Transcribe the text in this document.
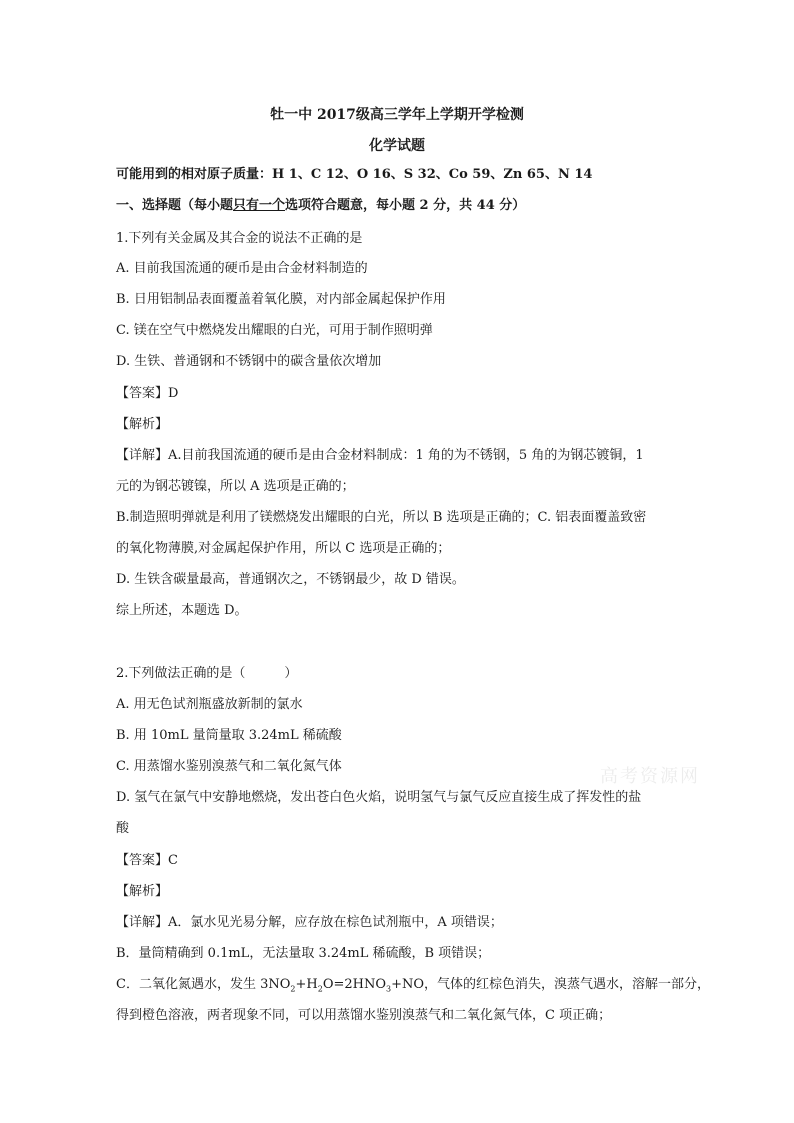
牡一中 2017级高三学年上学期开学检测
化学试题
可能用到的相对原子质量：H 1、C 12、O 16、S 32、Co 59、Zn 65、N 14
一、选择题（每小题只有一个选项符合题意，每小题 2 分，共 44 分）
1.下列有关金属及其合金的说法不正确的是
A. 目前我国流通的硬币是由合金材料制造的
B. 日用铝制品表面覆盖着氧化膜，对内部金属起保护作用
C. 镁在空气中燃烧发出耀眼的白光，可用于制作照明弹
D. 生铁、普通钢和不锈钢中的碳含量依次增加
【答案】D
【解析】
【详解】A.目前我国流通的硬币是由合金材料制成：1 角的为不锈钢，5 角的为钢芯镀铜，1
元的为钢芯镀镍，所以 A 选项是正确的；
B.制造照明弹就是利用了镁燃烧发出耀眼的白光，所以 B 选项是正确的；C. 铝表面覆盖致密
的氧化物薄膜,对金属起保护作用，所以 C 选项是正确的；
D. 生铁含碳量最高，普通钢次之，不锈钢最少，故 D 错误。
综上所述，本题选 D。
2.下列做法正确的是（　　　）
A. 用无色试剂瓶盛放新制的氯水
B. 用 10mL 量筒量取 3.24mL 稀硫酸
C. 用蒸馏水鉴别溴蒸气和二氧化氮气体
D. 氢气在氯气中安静地燃烧，发出苍白色火焰，说明氢气与氯气反应直接生成了挥发性的盐
酸
【答案】C
【解析】
【详解】A．氯水见光易分解，应存放在棕色试剂瓶中，A 项错误；
B．量筒精确到 0.1mL，无法量取 3.24mL 稀硫酸，B 项错误；
C．二氧化氮遇水，发生 $3NO_2+H_2O=2HNO_3+NO$，气体的红棕色消失，溴蒸气遇水，溶解一部分，
得到橙色溶液，两者现象不同，可以用蒸馏水鉴别溴蒸气和二氧化氮气体，C 项正确；
高考资源网
